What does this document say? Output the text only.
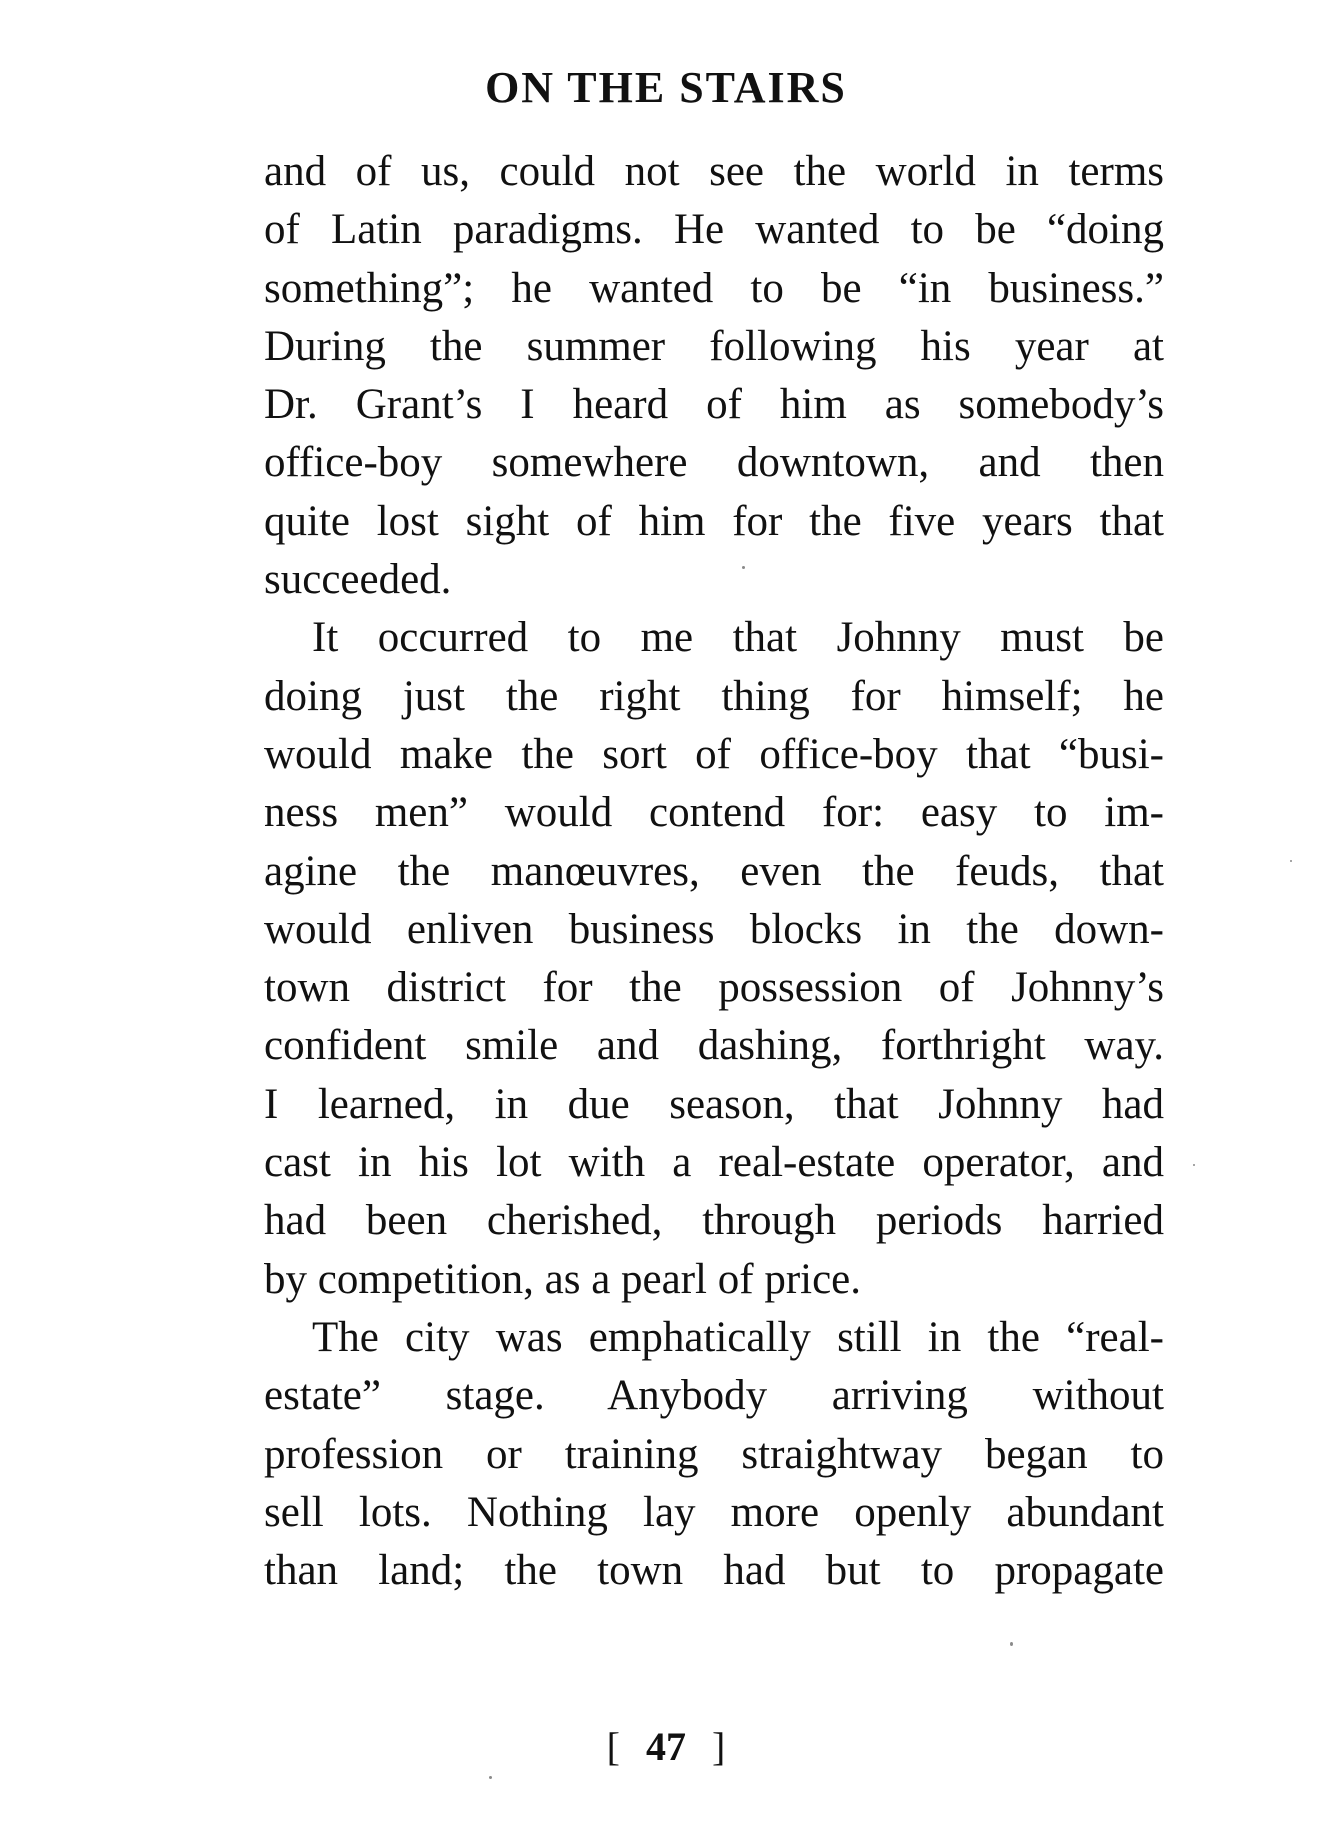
ON THE STAIRS
and of us, could not see the world in terms
of Latin paradigms. He wanted to be “doing
something”; he wanted to be “in business.”
During the summer following his year at
Dr. Grant’s I heard of him as somebody’s
office-boy somewhere downtown, and then
quite lost sight of him for the five years that
succeeded.
It occurred to me that Johnny must be
doing just the right thing for himself; he
would make the sort of office-boy that “busi-
ness men” would contend for: easy to im-
agine the manœuvres, even the feuds, that
would enliven business blocks in the down-
town district for the possession of Johnny’s
confident smile and dashing, forthright way.
I learned, in due season, that Johnny had
cast in his lot with a real-estate operator, and
had been cherished, through periods harried
by competition, as a pearl of price.
The city was emphatically still in the “real-
estate” stage. Anybody arriving without
profession or training straightway began to
sell lots. Nothing lay more openly abundant
than land; the town had but to propagate
[ 47 ]
